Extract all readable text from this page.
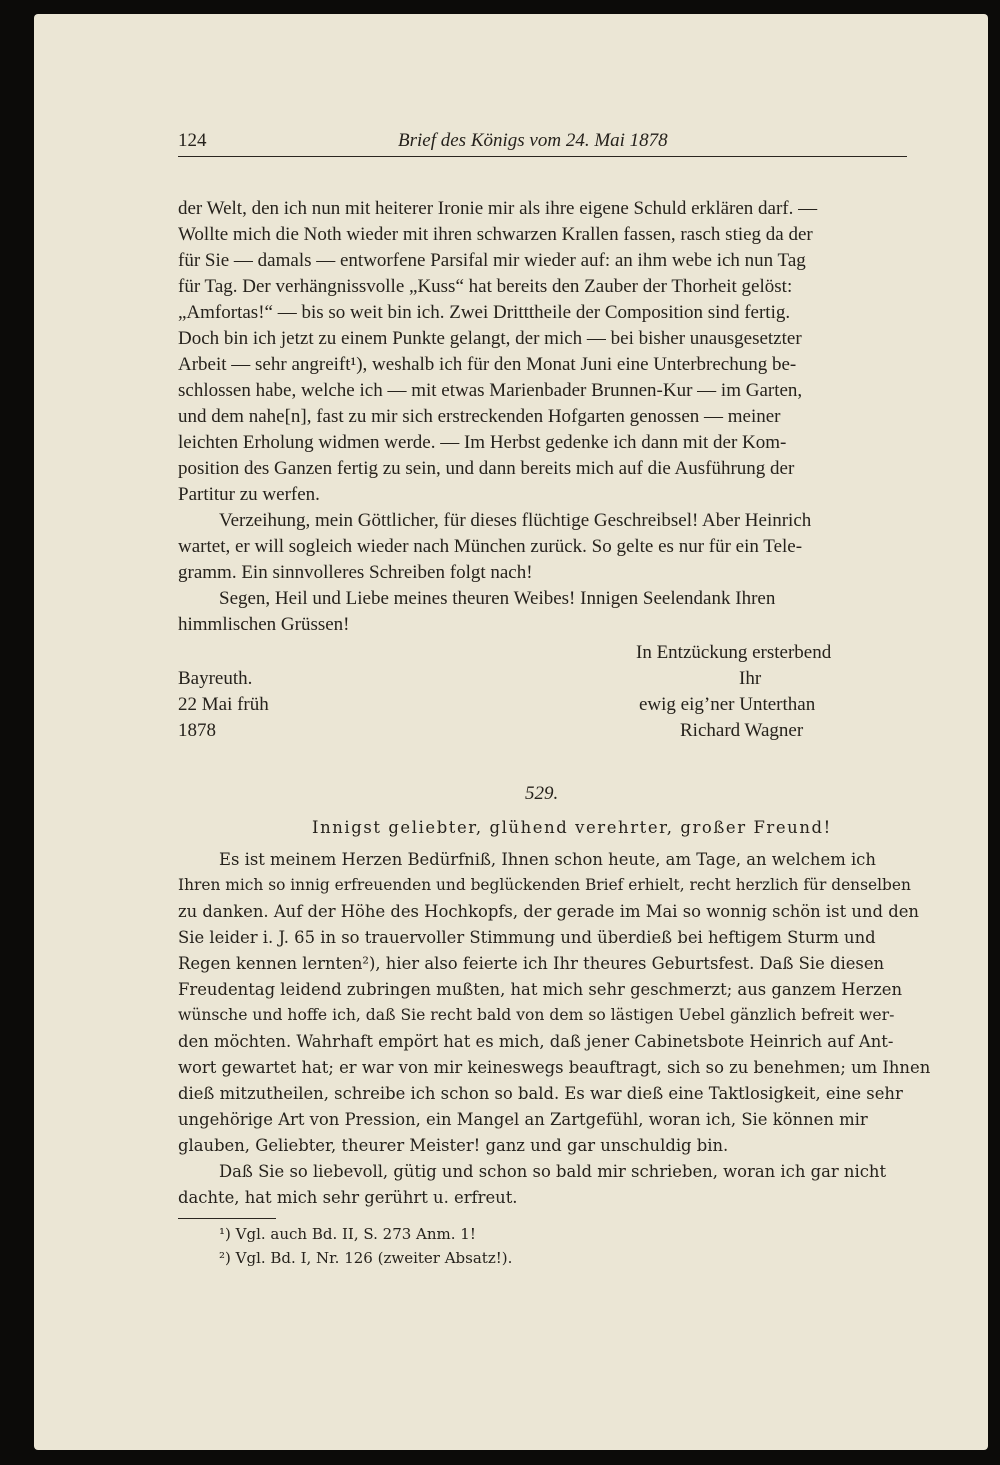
124	Brief des Königs vom 24. Mai 1878
der Welt, den ich nun mit heiterer Ironie mir als ihre eigene Schuld erklären darf. —
Wollte mich die Noth wieder mit ihren schwarzen Krallen fassen, rasch stieg da der
für Sie — damals — entworfene Parsifal mir wieder auf: an ihm webe ich nun Tag
für Tag. Der verhängnissvolle „Kuss“ hat bereits den Zauber der Thorheit gelöst:
„Amfortas!“ — bis so weit bin ich. Zwei Dritttheile der Composition sind fertig.
Doch bin ich jetzt zu einem Punkte gelangt, der mich — bei bisher unausgesetzter
Arbeit — sehr angreift¹), weshalb ich für den Monat Juni eine Unterbrechung be-
schlossen habe, welche ich — mit etwas Marienbader Brunnen-Kur — im Garten,
und dem nahe[n], fast zu mir sich erstreckenden Hofgarten genossen — meiner
leichten Erholung widmen werde. — Im Herbst gedenke ich dann mit der Kom-
position des Ganzen fertig zu sein, und dann bereits mich auf die Ausführung der
Partitur zu werfen.
Verzeihung, mein Göttlicher, für dieses flüchtige Geschreibsel! Aber Heinrich
wartet, er will sogleich wieder nach München zurück. So gelte es nur für ein Tele-
gramm. Ein sinnvolleres Schreiben folgt nach!
Segen, Heil und Liebe meines theuren Weibes! Innigen Seelendank Ihren
himmlischen Grüssen!
In Entzückung ersterbend
Ihr
ewig eig’ner Unterthan
Richard Wagner
Bayreuth.
22 Mai früh
1878
529.
Innigst geliebter, glühend verehrter, großer Freund!
Es ist meinem Herzen Bedürfniß, Ihnen schon heute, am Tage, an welchem ich
Ihren mich so innig erfreuenden und beglückenden Brief erhielt, recht herzlich für denselben
zu danken. Auf der Höhe des Hochkopfs, der gerade im Mai so wonnig schön ist und den
Sie leider i. J. 65 in so trauervoller Stimmung und überdieß bei heftigem Sturm und
Regen kennen lernten²), hier also feierte ich Ihr theures Geburtsfest. Daß Sie diesen
Freudentag leidend zubringen mußten, hat mich sehr geschmerzt; aus ganzem Herzen
wünsche und hoffe ich, daß Sie recht bald von dem so lästigen Uebel gänzlich befreit wer-
den möchten. Wahrhaft empört hat es mich, daß jener Cabinetsbote Heinrich auf Ant-
wort gewartet hat; er war von mir keineswegs beauftragt, sich so zu benehmen; um Ihnen
dieß mitzutheilen, schreibe ich schon so bald. Es war dieß eine Taktlosigkeit, eine sehr
ungehörige Art von Pression, ein Mangel an Zartgefühl, woran ich, Sie können mir
glauben, Geliebter, theurer Meister! ganz und gar unschuldig bin.
Daß Sie so liebevoll, gütig und schon so bald mir schrieben, woran ich gar nicht
dachte, hat mich sehr gerührt u. erfreut.
¹) Vgl. auch Bd. II, S. 273 Anm. 1!
²) Vgl. Bd. I, Nr. 126 (zweiter Absatz!).
